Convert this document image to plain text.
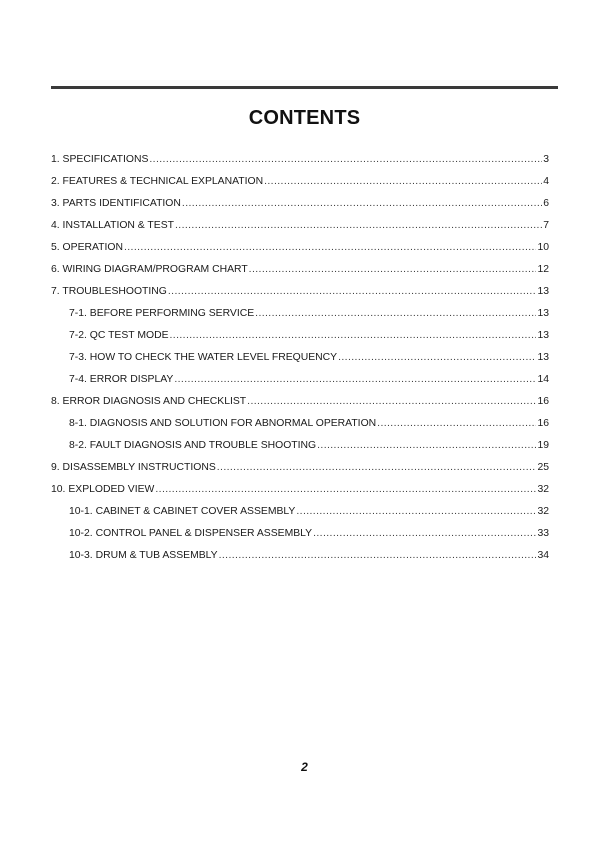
CONTENTS
1. SPECIFICATIONS .....	3
2. FEATURES & TECHNICAL EXPLANATION .....	4
3. PARTS IDENTIFICATION .....	6
4. INSTALLATION & TEST .....	7
5. OPERATION .....	10
6. WIRING DIAGRAM/PROGRAM CHART .....	12
7. TROUBLESHOOTING .....	13
7-1. BEFORE PERFORMING SERVICE .....	13
7-2. QC TEST MODE .....	13
7-3. HOW TO CHECK THE WATER LEVEL FREQUENCY .....	13
7-4. ERROR DISPLAY .....	14
8. ERROR DIAGNOSIS AND CHECKLIST .....	16
8-1. DIAGNOSIS AND SOLUTION FOR ABNORMAL OPERATION .....	16
8-2. FAULT DIAGNOSIS AND TROUBLE SHOOTING .....	19
9. DISASSEMBLY INSTRUCTIONS .....	25
10. EXPLODED VIEW .....	32
10-1. CABINET & CABINET COVER ASSEMBLY .....	32
10-2. CONTROL PANEL & DISPENSER ASSEMBLY .....	33
10-3. DRUM & TUB ASSEMBLY .....	34
2
